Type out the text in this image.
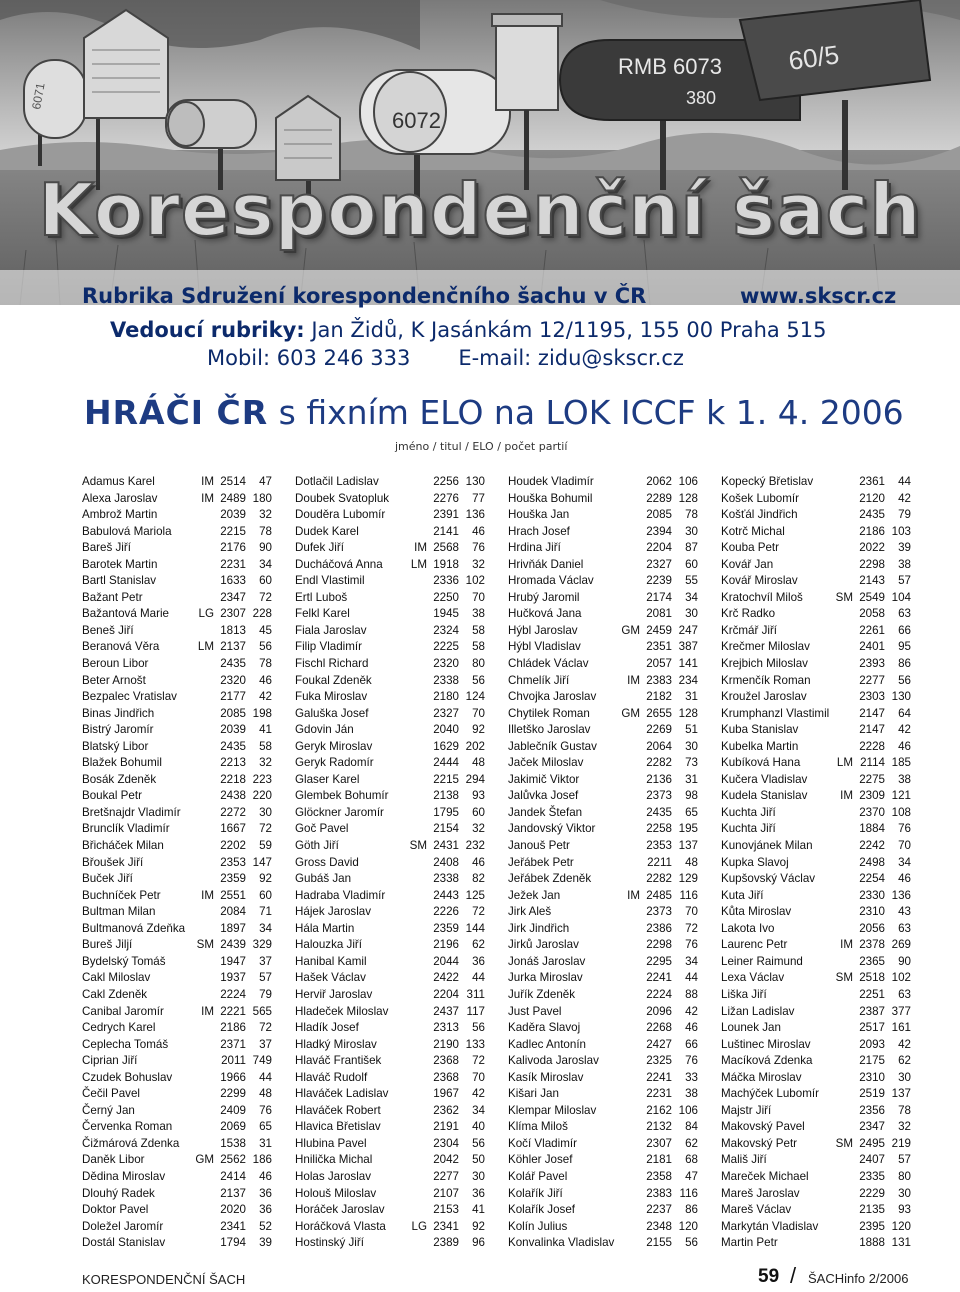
6071
6072
RMB 6073
380
60/5
Korespondenční šach
Rubrika Sdružení korespondenčního šachu v ČR	www.skscr.cz
Vedoucí rubriky: Jan Židů, K Jasánkám 12/1195, 155 00 Praha 515
Mobil: 603 246 333 E-mail: zidu@skscr.cz
HRÁČI ČR s fixním ELO na LOK ICCF k 1. 4. 2006
jméno / titul / ELO / počet partií
Adamus Karel	IM 2514	47
Alexa Jaroslav	IM 2489 180
Ambrož Martin	2039	32
Babulová Mariola	2215	78
Bareš Jiří	2176	90
Barotek Martin	2231	34
Bartl Stanislav	1633	60
Bažant Petr	2347	72
Bažantová Marie	LG 2307 228
Beneš Jiří	1813	45
Beranová Věra	LM 2137	56
Beroun Libor	2435	78
Beter Arnošt	2320	46
Bezpalec Vratislav	2177	42
Binas Jindřich	2085 198
Bistrý Jaromír	2039	41
Blatský Libor	2435	58
Blažek Bohumil	2213	32
Bosák Zdeněk	2218 223
Boukal Petr	2438 220
Bretšnajdr Vladimír	2272	30
Brunclík Vladimír	1667	72
Břicháček Milan	2202	59
Břoušek Jiří	2353 147
Buček Jiří	2359	92
Buchníček Petr	IM 2551	60
Bultman Milan	2084	71
Bultmanová Zdeňka	1897	34
Bureš Jiljí	SM 2439 329
Bydelský Tomáš	1947	37
Cakl Miloslav	1937	57
Cakl Zdeněk	2224	79
Canibal Jaromír	IM 2221 565
Cedrych Karel	2186	72
Ceplecha Tomáš	2371	37
Ciprian Jiří	2011 749
Czudek Bohuslav	1966	44
Čečil Pavel	2299	48
Černý Jan	2409	76
Červenka Roman	2069	65
Čižmárová Zdenka	1538	31
Daněk Libor	GM 2562 186
Dědina Miroslav	2414	46
Dlouhý Radek	2137	36
Doktor Pavel	2020	36
Doležel Jaromír	2341	52
Dostál Stanislav	1794	39
Dotlačil Ladislav	2256 130
Doubek Svatopluk	2276	77
Douděra Lubomír	2391 136
Dudek Karel	2141	46
Dufek Jiří	IM 2568	76
Ducháčová Anna	LM 1918	32
Endl Vlastimil	2336 102
Ertl Luboš	2250	70
Felkl Karel	1945	38
Fiala Jaroslav	2324	58
Filip Vladimír	2225	58
Fischl Richard	2320	80
Foukal Zdeněk	2338	56
Fuka Miroslav	2180 124
Galuška Josef	2327	70
Gdovin Ján	2040	92
Geryk Miroslav	1629 202
Geryk Radomír	2444	48
Glaser Karel	2215 294
Glembek Bohumír	2138	93
Glöckner Jaromír	1795	60
Goč Pavel	2154	32
Göth Jiří	SM 2431 232
Gross David	2408	46
Gubáš Jan	2338	82
Hadraba Vladimír	2443 125
Hájek Jaroslav	2226	72
Hála Martin	2359 144
Halouzka Jiří	2196	62
Hanibal Kamil	2044	36
Hašek Václav	2422	44
Herviř Jaroslav	2204 311
Hladeček Miloslav	2437 117
Hladík Josef	2313	56
Hladký Miroslav	2190 133
Hlaváč František	2368	72
Hlaváč Rudolf	2368	70
Hlaváček Ladislav	1967	42
Hlaváček Robert	2362	34
Hlavica Břetislav	2191	40
Hlubina Pavel	2304	56
Hnilička Michal	2042	50
Holas Jaroslav	2277	30
Holouš Miloslav	2107	36
Horáček Jaroslav	2153	41
Horáčková Vlasta	LG 2341	92
Hostinský Jiří	2389	96
Houdek Vladimír	2062 106
Houška Bohumil	2289 128
Houška Jan	2085	78
Hrach Josef	2394	30
Hrdina Jiří	2204	87
Hrivňák Daniel	2327	60
Hromada Václav	2239	55
Hrubý Jaromil	2174	34
Hučková Jana	2081	30
Hýbl Jaroslav	GM 2459 247
Hýbl Vladislav	2351 387
Chládek Václav	2057 141
Chmelík Jiří	IM 2383 234
Chvojka Jaroslav	2182	31
Chytilek Roman	GM 2655 128
Illetško Jaroslav	2269	51
Jablečník Gustav	2064	30
Jaček Miloslav	2282	73
Jakimič Viktor	2136	31
Jalůvka Josef	2373	98
Jandek Štefan	2435	65
Jandovský Viktor	2258 195
Janouš Petr	2353 137
Jeřábek Petr	2211	48
Jeřábek Zdeněk	2282 129
Ježek Jan	IM 2485 116
Jirk Aleš	2373	70
Jirk Jindřich	2386	72
Jirků Jaroslav	2298	76
Jonáš Jaroslav	2295	34
Jurka Miroslav	2241	44
Juřík Zdeněk	2224	88
Just Pavel	2096	42
Kaděra Slavoj	2268	46
Kadlec Antonín	2427	66
Kalivoda Jaroslav	2325	76
Kasík Miroslav	2241	33
Kišari Jan	2231	38
Klempar Miloslav	2162 106
Klíma Miloš	2132	84
Kočí Vladimír	2307	62
Köhler Josef	2181	68
Kolář Pavel	2358	47
Kolařík Jiří	2383 116
Kolařík Josef	2237	86
Kolín Julius	2348 120
Konvalinka Vladislav	2155	56
Kopecký Břetislav	2361	44
Košek Lubomír	2120	42
Košťál Jindřich	2435	79
Kotrč Michal	2186 103
Kouba Petr	2022	39
Kovář Jan	2298	38
Kovář Miroslav	2143	57
Kratochvíl Miloš	SM 2549 104
Krč Radko	2058	63
Krčmář Jiří	2261	66
Krečmer Miloslav	2401	95
Krejbich Miloslav	2393	86
Krmenčík Roman	2277	56
Kroužel Jaroslav	2303 130
Krumphanzl Vlastimil	2147	64
Kuba Stanislav	2147	42
Kubelka Martin	2228	46
Kubíková Hana	LM 2114 185
Kučera Vladislav	2275	38
Kudela Stanislav	IM 2309 121
Kuchta Jiří	2370 108
Kuchta Jiří	1884	76
Kunovjánek Milan	2242	70
Kupka Slavoj	2498	34
Kupšovský Václav	2254	46
Kuta Jiří	2330 136
Kůta Miroslav	2310	43
Lakota Ivo	2056	63
Laurenc Petr	IM 2378 269
Leiner Raimund	2365	90
Lexa Václav	SM 2518 102
Liška Jiří	2251	63
Ližan Ladislav	2387 377
Lounek Jan	2517 161
Luštinec Miroslav	2093	42
Macíková Zdenka	2175	62
Máčka Miroslav	2310	30
Machýček Lubomír	2519 137
Majstr Jiří	2356	78
Makovský Pavel	2347	32
Makovský Petr	SM 2495 219
Mališ Jiří	2407	57
Mareček Michael	2335	80
Mareš Jaroslav	2229	30
Mareš Václav	2135	93
Markytán Vladislav	2395 120
Martin Petr	1888 131
KORESPONDENČNÍ ŠACH	59 / ŠACHinfo 2/2006
